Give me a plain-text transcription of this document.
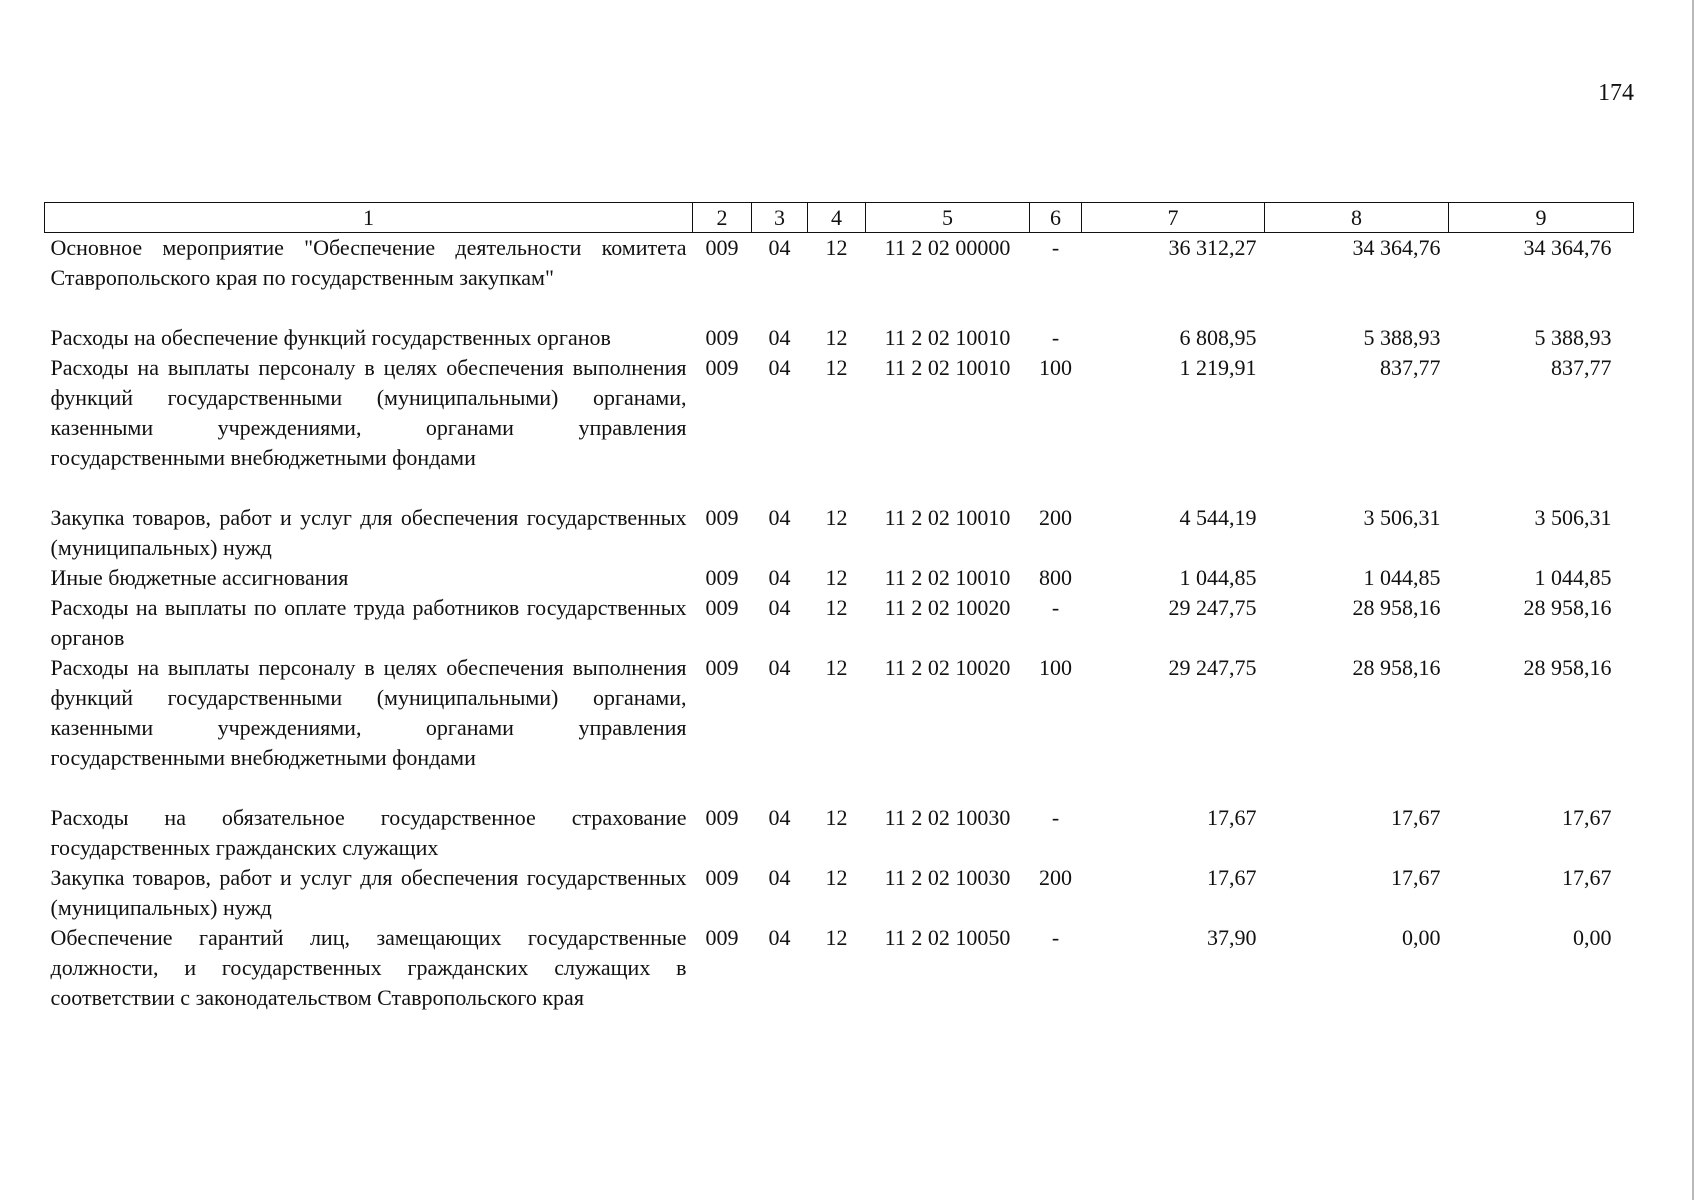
174
1	2	3	4	5	6	7	8	9
Основное мероприятие "Обеспечение деятельности комитета Ставропольского края по государственным закупкам"	009	04	12	11 2 02 00000	-	36 312,27	34 364,76	34 364,76
Расходы на обеспечение функций государственных органов	009	04	12	11 2 02 10010	-	6 808,95	5 388,93	5 388,93
Расходы на выплаты персоналу в целях обеспечения выполнения функций государственными (муниципальными) органами, казенными учреждениями, органами управления государственными внебюджетными фондами	009	04	12	11 2 02 10010	100	1 219,91	837,77	837,77
Закупка товаров, работ и услуг для обеспечения государственных (муниципальных) нужд	009	04	12	11 2 02 10010	200	4 544,19	3 506,31	3 506,31
Иные бюджетные ассигнования	009	04	12	11 2 02 10010	800	1 044,85	1 044,85	1 044,85
Расходы на выплаты по оплате труда работников государственных органов	009	04	12	11 2 02 10020	-	29 247,75	28 958,16	28 958,16
Расходы на выплаты персоналу в целях обеспечения выполнения функций государственными (муниципальными) органами, казенными учреждениями, органами управления государственными внебюджетными фондами	009	04	12	11 2 02 10020	100	29 247,75	28 958,16	28 958,16
Расходы на обязательное государственное страхование государственных гражданских служащих	009	04	12	11 2 02 10030	-	17,67	17,67	17,67
Закупка товаров, работ и услуг для обеспечения государственных (муниципальных) нужд	009	04	12	11 2 02 10030	200	17,67	17,67	17,67
Обеспечение гарантий лиц, замещающих государственные должности, и государственных гражданских служащих в соответствии с законодательством Ставропольского края	009	04	12	11 2 02 10050	-	37,90	0,00	0,00
